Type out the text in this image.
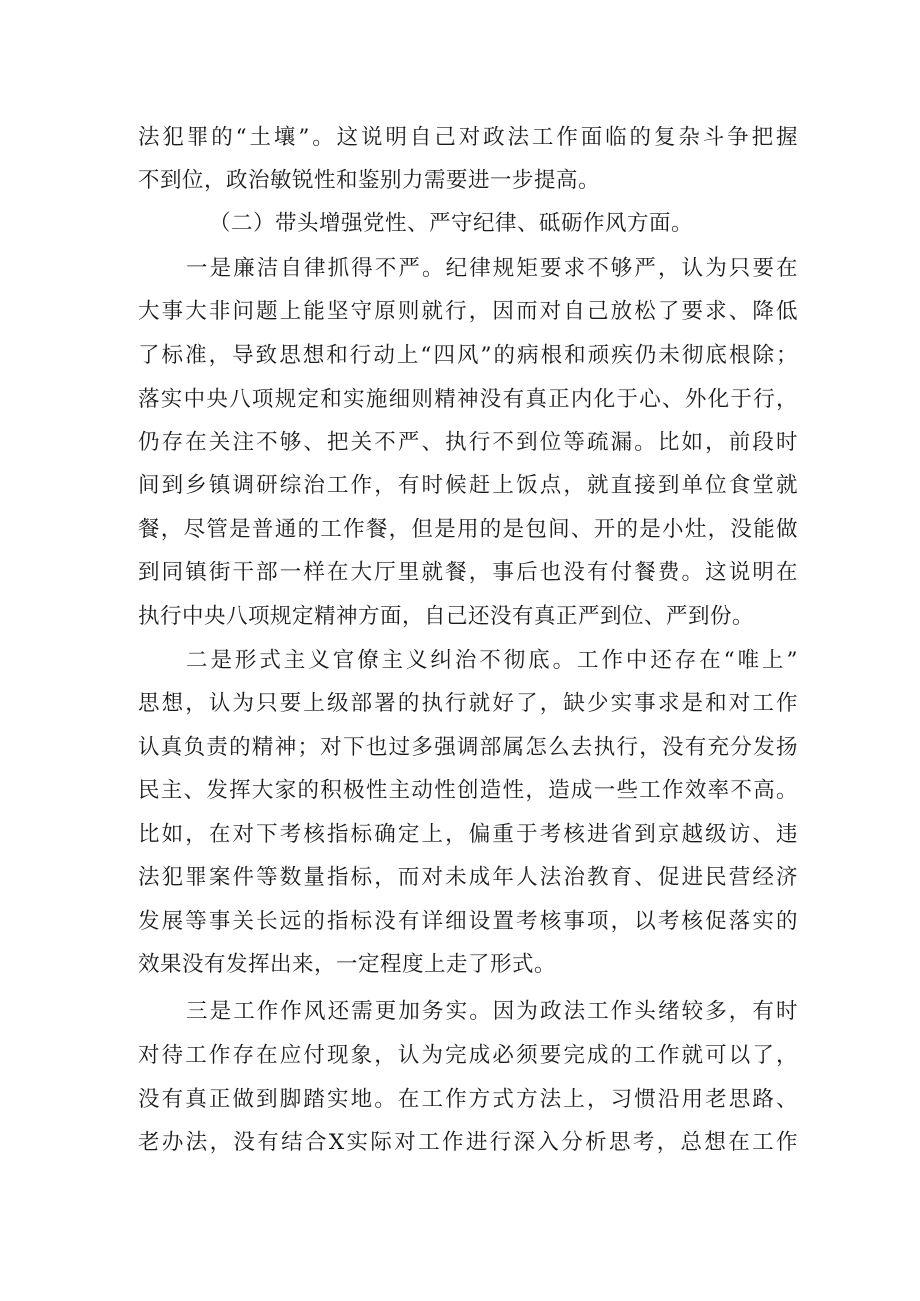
法犯罪的“土壤”。这说明自己对政法工作面临的复杂斗争把握

不到位，政治敏锐性和鉴别力需要进一步提高。

（二）带头增强党性、严守纪律、砥砺作风方面。

一是廉洁自律抓得不严。纪律规矩要求不够严，认为只要在

大事大非问题上能坚守原则就行，因而对自己放松了要求、降低

了标准，导致思想和行动上“四风”的病根和顽疾仍未彻底根除；

落实中央八项规定和实施细则精神没有真正内化于心、外化于行，

仍存在关注不够、把关不严、执行不到位等疏漏。比如，前段时

间到乡镇调研综治工作，有时候赶上饭点，就直接到单位食堂就

餐，尽管是普通的工作餐，但是用的是包间、开的是小灶，没能做

到同镇街干部一样在大厅里就餐，事后也没有付餐费。这说明在

执行中央八项规定精神方面，自己还没有真正严到位、严到份。

二是形式主义官僚主义纠治不彻底。工作中还存在“唯上”

思想，认为只要上级部署的执行就好了，缺少实事求是和对工作

认真负责的精神；对下也过多强调部属怎么去执行，没有充分发扬

民主、发挥大家的积极性主动性创造性，造成一些工作效率不高。

比如，在对下考核指标确定上，偏重于考核进省到京越级访、违

法犯罪案件等数量指标，而对未成年人法治教育、促进民营经济

发展等事关长远的指标没有详细设置考核事项，以考核促落实的

效果没有发挥出来，一定程度上走了形式。

三是工作作风还需更加务实。因为政法工作头绪较多，有时

对待工作存在应付现象，认为完成必须要完成的工作就可以了，

没有真正做到脚踏实地。在工作方式方法上，习惯沿用老思路、

老办法，没有结合X实际对工作进行深入分析思考，总想在工作
